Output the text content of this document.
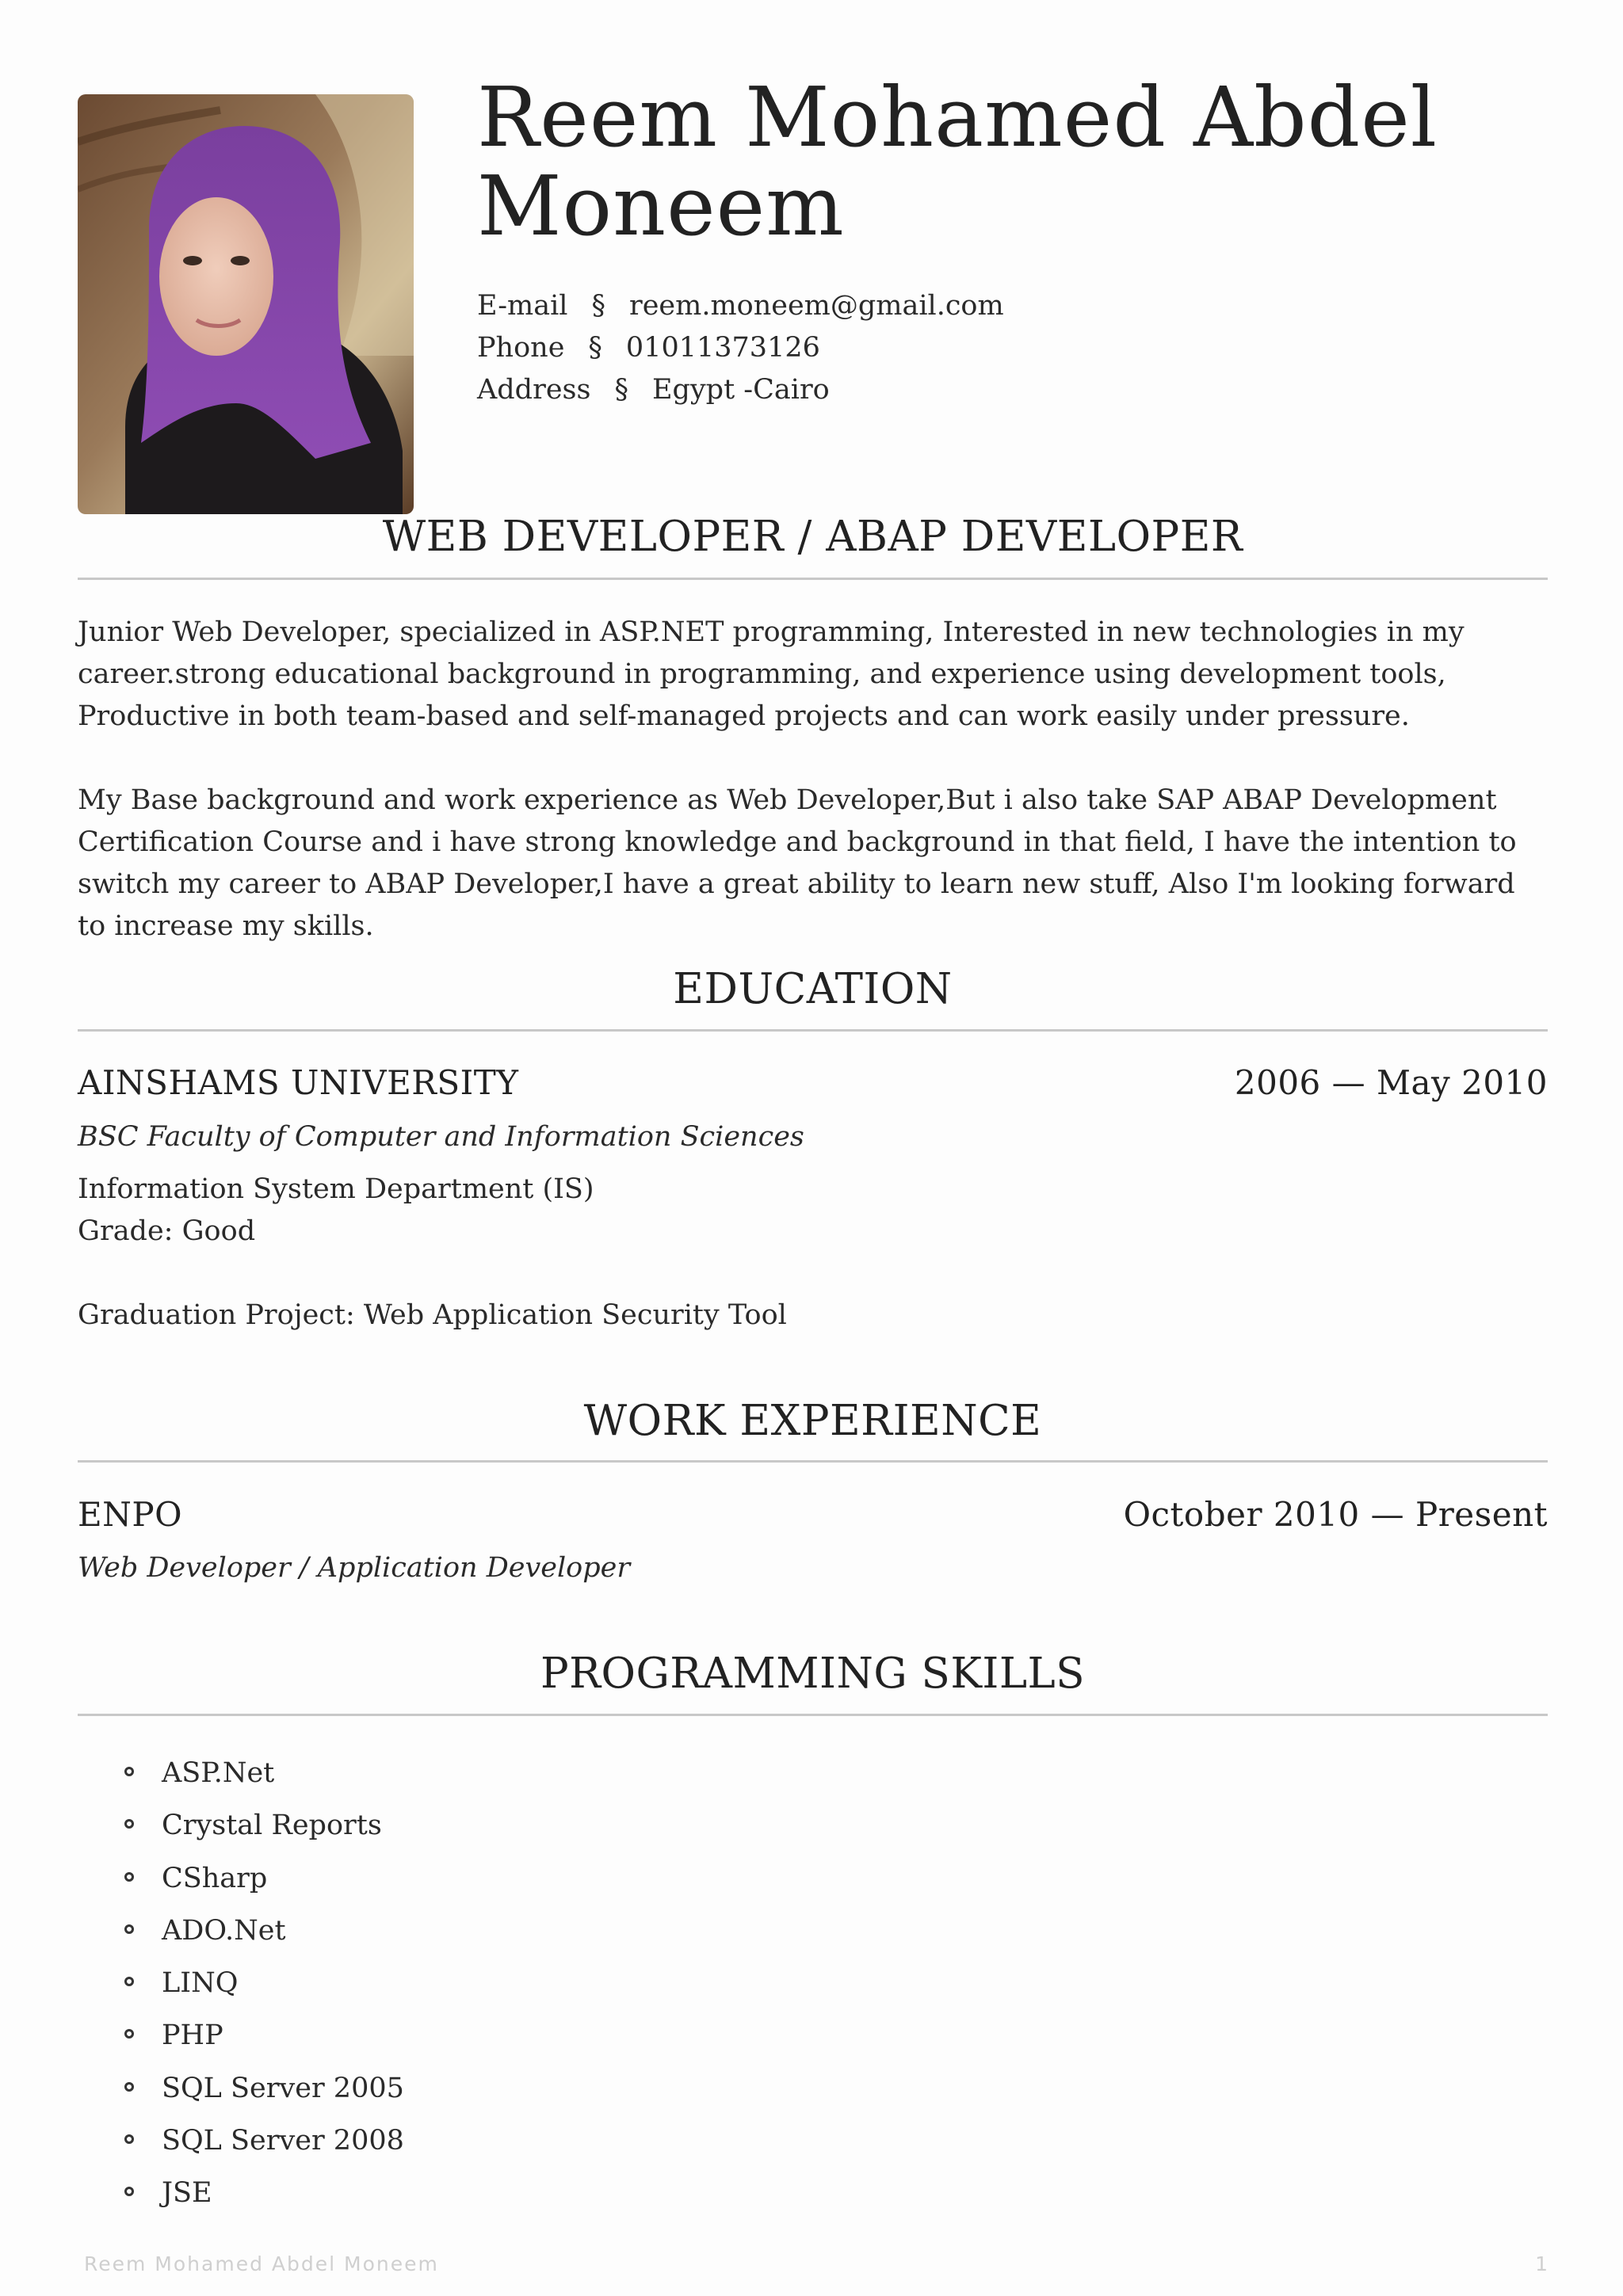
Reem Mohamed Abdel Moneem
E-mail § reem.moneem@gmail.com
Phone § 01011373126
Address § Egypt -Cairo
WEB DEVELOPER / ABAP DEVELOPER

Junior Web Developer, specialized in ASP.NET programming, Interested in new technologies in my career.strong educational background in programming, and experience using development tools, Productive in both team-based and self-managed projects and can work easily under pressure.

My Base background and work experience as Web Developer,But i also take SAP ABAP Development Certification Course and i have strong knowledge and background in that field, I have the intention to switch my career to ABAP Developer,I have a great ability to learn new stuff, Also I'm looking forward to increase my skills.

EDUCATION

AINSHAMS UNIVERSITY	2006 — May 2010

BSC Faculty of Computer and Information Sciences

Information System Department (IS)

Grade: Good

Graduation Project: Web Application Security Tool

WORK EXPERIENCE

ENPO	October 2010 — Present

Web Developer / Application Developer

PROGRAMMING SKILLS
ASP.Net
Crystal Reports
CSharp
ADO.Net
LINQ
PHP
SQL Server 2005
SQL Server 2008
JSE
Reem Mohamed Abdel Moneem	1
